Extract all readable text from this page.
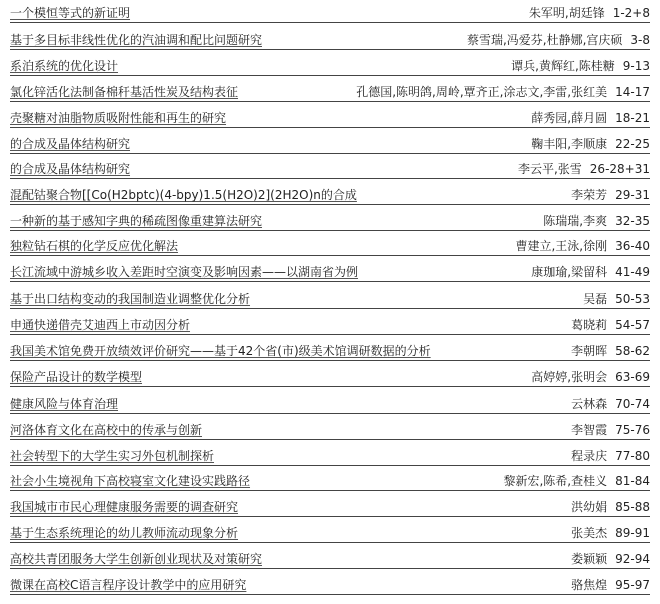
一个模恒等式的新证明	朱军明,胡廷锋 1-2+8
基于多目标非线性优化的汽油调和配比问题研究	蔡雪瑞,冯爱芬,杜静娜,宫庆硕 3-8
系泊系统的优化设计	谭兵,黄辉红,陈桂糖 9-13
氯化锌活化法制备棉秆基活性炭及结构表征	孔德国,陈明鸽,周岭,覃齐正,涂志文,李雷,张红美 14-17
壳聚糖对油脂物质吸附性能和再生的研究	薛秀园,薛月圆 18-21
的合成及晶体结构研究	鞠丰阳,李顺康 22-25
的合成及晶体结构研究	李云平,张雪 26-28+31
混配钴聚合物[[Co(H2bptc)(4-bpy)1.5(H2O)2](2H2O)n的合成	李荣芳 29-31
一种新的基于感知字典的稀疏图像重建算法研究	陈瑞瑞,李爽 32-35
独粒钻石棋的化学反应优化解法	曹建立,王泳,徐刚 36-40
长江流域中游城乡收入差距时空演变及影响因素——以湖南省为例	康珈瑜,梁留科 41-49
基于出口结构变动的我国制造业调整优化分析	吴磊 50-53
申通快递借壳艾迪西上市动因分析	葛晓莉 54-57
我国美术馆免费开放绩效评价研究——基于42个省(市)级美术馆调研数据的分析	李朝晖 58-62
保险产品设计的数学模型	高婷婷,张明会 63-69
健康风险与体育治理	云林森 70-74
河洛体育文化在高校中的传承与创新	李智霞 75-76
社会转型下的大学生实习外包机制探析	程录庆 77-80
社会小生境视角下高校寝室文化建设实践路径	黎新宏,陈希,查桂义 81-84
我国城市市民心理健康服务需要的调查研究	洪幼娟 85-88
基于生态系统理论的幼儿教师流动现象分析	张美杰 89-91
高校共青团服务大学生创新创业现状及对策研究	娄颖颖 92-94
微课在高校C语言程序设计教学中的应用研究	骆焦煌 95-97
